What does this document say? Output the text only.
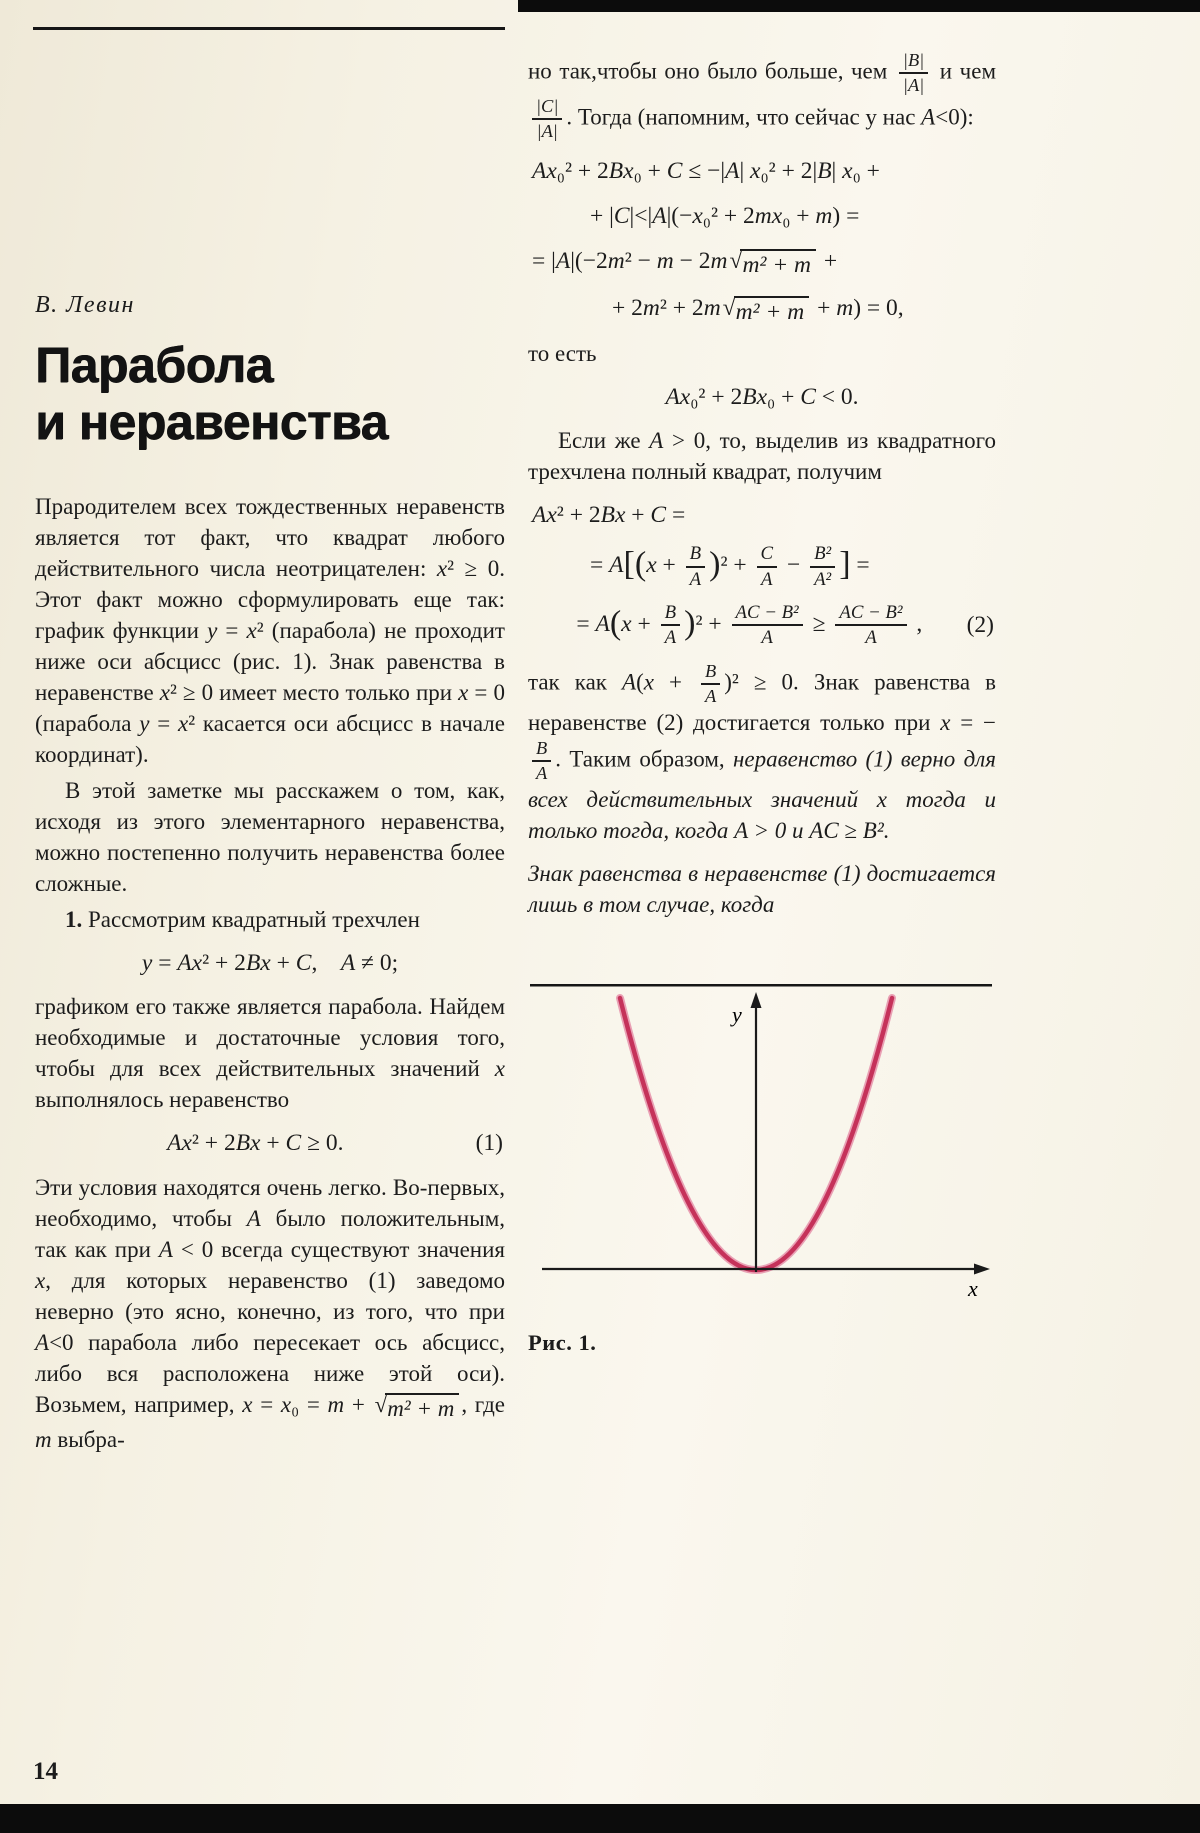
В. Левин
Парабола
и неравенства

Прародителем всех тождественных неравенств является тот факт, что квадрат любого действительного числа неотрицателен: x² ≥ 0. Этот факт можно сформулировать еще так: график функции y = x² (парабола) не проходит ниже оси абсцисс (рис. 1). Знак равенства в неравенстве x² ≥ 0 имеет место только при x = 0 (парабола y = x² касается оси абсцисс в начале координат).

В этой заметке мы расскажем о том, как, исходя из этого элементарного неравенства, можно постепенно получить неравенства более сложные.

1. Рассмотрим квадратный трехчлен

y = Ax² + 2Bx + C, A ≠ 0;

графиком его также является парабола. Найдем необходимые и достаточные условия того, чтобы для всех действительных значений x выполнялось неравенство

Ax² + 2Bx + C ≥ 0.	(1)

Эти условия находятся очень легко. Во-первых, необходимо, чтобы A было положительным, так как при A < 0 всегда существуют значения x, для которых неравенство (1) заведомо неверно (это ясно, конечно, из того, что при A<0 парабола либо пересекает ось абсцисс, либо вся расположена ниже этой оси). Возьмем, например, x = x₀ = m + √ m² + m , где m выбра-

но так,чтобы оно было больше, чем $\frac{|B|}{|A|}$ и чем
$\frac{|C|}{|A|}$ . Тогда (напомним, что сейчас у нас A<0):

Ax₀² + 2Bx₀ + C ≤ −|A| x₀² + 2|B| x₀ +
+ |C|<|A|(−x₀² + 2mx₀ + m) =
= |A|(−2m² − m − 2m √ m² + m +
+ 2m² + 2m √ m² + m + m) = 0,

то есть

Ax₀² + 2Bx₀ + C < 0.

Если же A > 0, то, выделив из квадратного трехчлена полный квадрат, получим

Ax² + 2Bx + C =
= $A[(x + \frac{B}{A} )^2 + \frac{C}{A} - \frac{\text{B²}}{\text{A²}}$ ] =
= $A(x + \frac{B}{A} )^2 + \frac{\text{AC − B²}}{A} \ge \frac{\text{AC − B²}}{A}$ ,	(2)

так как $A(x + \frac{B}{A} )^2 \ge 0$. Знак равенства в неравенстве (2) достигается только при x = −
$\frac{B}{A}$ . Таким образом, неравенство (1) верно для всех действительных значений x тогда и только тогда, когда A > 0 и AC ≥ B².

Знак равенства в неравенстве (1) достигается лишь в том случае, когда

y
x
Рис. 1.
14
